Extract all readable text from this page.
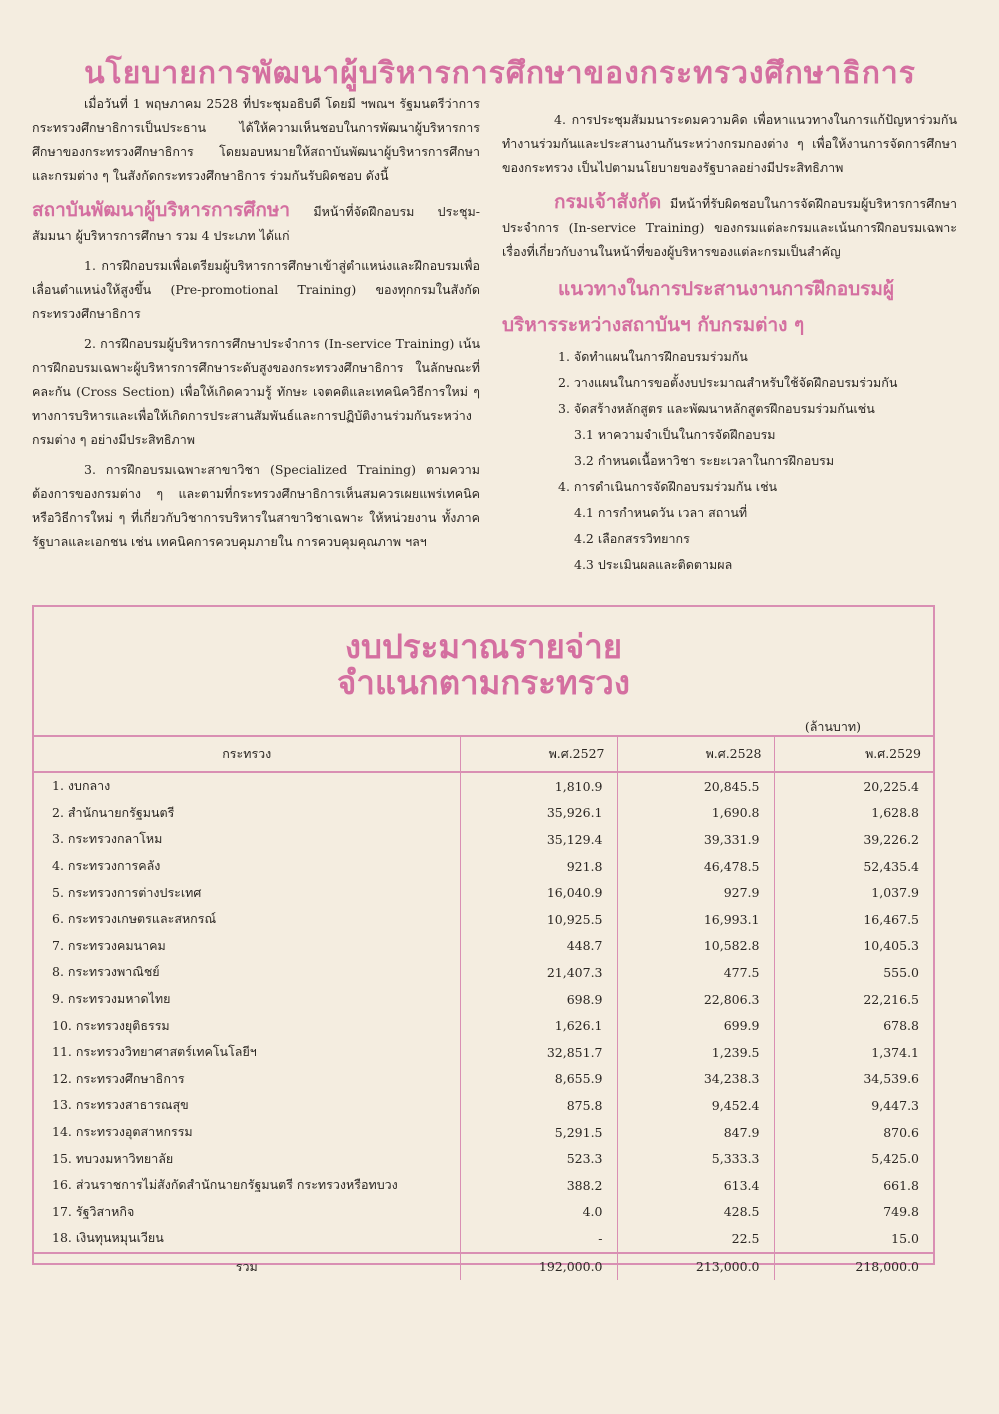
นโยบายการพัฒนาผู้บริหารการศึกษาของกระทรวงศึกษาธิการ

เมื่อวันที่ 1 พฤษภาคม 2528 ที่ประชุมอธิบดี โดยมี ฯพณฯ รัฐมนตรีว่าการกระทรวงศึกษาธิการเป็นประธาน ได้ให้ความเห็นชอบในการพัฒนาผู้บริหารการศึกษาของกระทรวงศึกษาธิการ โดยมอบหมายให้สถาบันพัฒนาผู้บริหารการศึกษาและกรมต่าง ๆ ในสังกัดกระทรวงศึกษาธิการ ร่วมกันรับผิดชอบ ดังนี้

สถาบันพัฒนาผู้บริหารการศึกษา มีหน้าที่จัดฝึกอบรม ประชุม-สัมมนา ผู้บริหารการศึกษา รวม 4 ประเภท ได้แก่

1. การฝึกอบรมเพื่อเตรียมผู้บริหารการศึกษาเข้าสู่ตำแหน่งและฝึกอบรมเพื่อเลื่อนตำแหน่งให้สูงขึ้น (Pre-promotional Training) ของทุกกรมในสังกัดกระทรวงศึกษาธิการ

2. การฝึกอบรมผู้บริหารการศึกษาประจำการ (In-service Training) เน้นการฝึกอบรมเฉพาะผู้บริหารการศึกษาระดับสูงของกระทรวงศึกษาธิการ ในลักษณะที่คละกัน (Cross Section) เพื่อให้เกิดความรู้ ทักษะ เจตคติและเทคนิควิธีการใหม่ ๆ ทางการบริหารและเพื่อให้เกิดการประสานสัมพันธ์และการปฏิบัติงานร่วมกันระหว่างกรมต่าง ๆ อย่างมีประสิทธิภาพ

3. การฝึกอบรมเฉพาะสาขาวิชา (Specialized Training) ตามความต้องการของกรมต่าง ๆ และตามที่กระทรวงศึกษาธิการเห็นสมควรเผยแพร่เทคนิค หรือวิธีการใหม่ ๆ ที่เกี่ยวกับวิชาการบริหารในสาขาวิชาเฉพาะ ให้หน่วยงาน ทั้งภาครัฐบาลและเอกชน เช่น เทคนิคการควบคุมภายใน การควบคุมคุณภาพ ฯลฯ

4. การประชุมสัมมนาระดมความคิด เพื่อหาแนวทางในการแก้ปัญหาร่วมกัน ทำงานร่วมกันและประสานงานกันระหว่างกรมกองต่าง ๆ เพื่อให้งานการจัดการศึกษาของกระทรวง เป็นไปตามนโยบายของรัฐบาลอย่างมีประสิทธิภาพ

กรมเจ้าสังกัด มีหน้าที่รับผิดชอบในการจัดฝึกอบรมผู้บริหารการศึกษาประจำการ (In-service Training) ของกรมแต่ละกรมและเน้นการฝึกอบรมเฉพาะเรื่องที่เกี่ยวกับงานในหน้าที่ของผู้บริหารของแต่ละกรมเป็นสำคัญ

แนวทางในการประสานงานการฝึกอบรมผู้
บริหารระหว่างสถาบันฯ กับกรมต่าง ๆ
1. จัดทำแผนในการฝึกอบรมร่วมกัน
2. วางแผนในการขอตั้งงบประมาณสำหรับใช้จัดฝึกอบรมร่วมกัน
3. จัดสร้างหลักสูตร และพัฒนาหลักสูตรฝึกอบรมร่วมกันเช่น
3.1 หาความจำเป็นในการจัดฝึกอบรม
3.2 กำหนดเนื้อหาวิชา ระยะเวลาในการฝึกอบรม
4. การดำเนินการจัดฝึกอบรมร่วมกัน เช่น
4.1 การกำหนดวัน เวลา สถานที่
4.2 เลือกสรรวิทยากร
4.3 ประเมินผลและติดตามผล
งบประมาณรายจ่าย
จำแนกตามกระทรวง
(ล้านบาท)
กระทรวง	พ.ศ.2527	พ.ศ.2528	พ.ศ.2529
1. งบกลาง	1,810.9	20,845.5	20,225.4
2. สำนักนายกรัฐมนตรี	35,926.1	1,690.8	1,628.8
3. กระทรวงกลาโหม	35,129.4	39,331.9	39,226.2
4. กระทรวงการคลัง	921.8	46,478.5	52,435.4
5. กระทรวงการต่างประเทศ	16,040.9	927.9	1,037.9
6. กระทรวงเกษตรและสหกรณ์	10,925.5	16,993.1	16,467.5
7. กระทรวงคมนาคม	448.7	10,582.8	10,405.3
8. กระทรวงพาณิชย์	21,407.3	477.5	555.0
9. กระทรวงมหาดไทย	698.9	22,806.3	22,216.5
10. กระทรวงยุติธรรม	1,626.1	699.9	678.8
11. กระทรวงวิทยาศาสตร์เทคโนโลยีฯ	32,851.7	1,239.5	1,374.1
12. กระทรวงศึกษาธิการ	8,655.9	34,238.3	34,539.6
13. กระทรวงสาธารณสุข	875.8	9,452.4	9,447.3
14. กระทรวงอุตสาหกรรม	5,291.5	847.9	870.6
15. ทบวงมหาวิทยาลัย	523.3	5,333.3	5,425.0
16. ส่วนราชการไม่สังกัดสำนักนายกรัฐมนตรี กระทรวงหรือทบวง	388.2	613.4	661.8
17. รัฐวิสาหกิจ	4.0	428.5	749.8
18. เงินทุนหมุนเวียน	-	22.5	15.0
รวม	192,000.0	213,000.0	218,000.0
